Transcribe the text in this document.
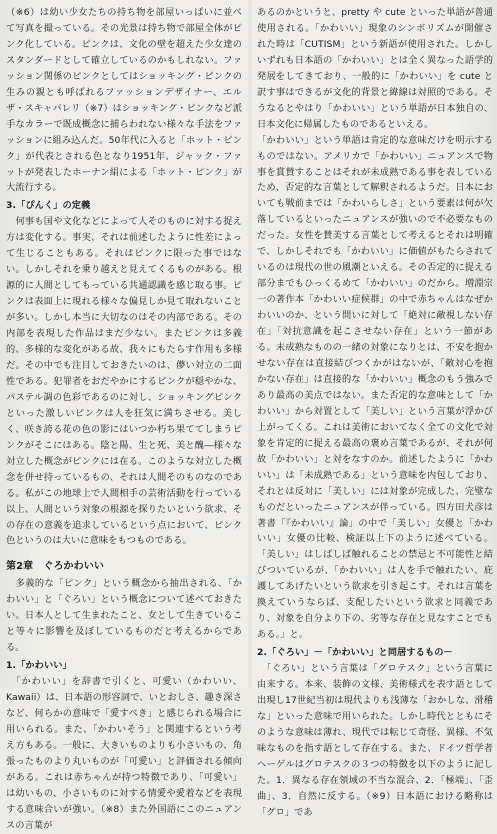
（※6）は幼い少女たちの持ち物を部屋いっぱいに並べて写真を撮っている。その光景は持ち物で部屋全体がピンク化している。ピンクは、文化の壁を超えた少女達のスタンダードとして確立しているのかもしれない。ファッション関係のピンクとしてはショッキング・ピンクの生みの親とも呼ばれるファッションデザイナー、エルザ・スキャパレリ（※7）はショッキング・ピンクなど派手なカラーで既成概念に捕らわれない様々な手法をファッションに組み込んだ。50年代に入ると「ホット・ピンク」が代表とされる色となり1951年、ジャック・ファットが発表したホーナン絹による「ホット・ピンク」が大流行する。

3.「ぴんく」の定義

　何事も国や文化などによって人そのものに対する捉え方は変化する。事実、それは前述したように性差によって生じることもある。それはピンクに限った事ではない。しかしそれを乗り越えと見えてくるものがある。根源的に人間としてもっている共通認識を感じ取る事。ピンクは表面上に現れる様々な偏見しか見て取れないことが多い。しかし本当に大切なのはその内部である。その内部を表現した作品はまだ少ない。またピンクは多義的、多様的な変化がある故、我々にもたらす作用も多様だ。その中でも注目しておきたいのは、儚い対立の二面性である。犯罪者をおだやかにするピンクが穏やかな、パステル調の色彩であるのに対し、ショッキングピンクといった激しいピンクは人を狂気に満ちさせる。美しく、咲き誇る花の色の影にはいつか朽ち果ててしまうピンクがそこにはある。陰と陽、生と死、美と醜―様々な対立した概念がピンクには在る。このような対立した概念を併せ持っているもの、それは人間そのものなのである。私がこの地球上で人間相手の芸術活動を行っている以上、人間という対象の根源を探りたいという欲求、その存在の意義を追求しているという点において、ピンク色というのは大いに意味をもつものである。

第2章　ぐろかわいい

　多義的な「ピンク」という概念から抽出される、「かわいい」と「ぐろい」という概念について述べておきたい。日本人として生まれたこと、女として生きていること等々に影響を及ぼしているものだと考えるからである。

1.「かわいい」

　「かわいい」を辞書で引くと、可愛い（かわいい、Kawaii）は、日本語の形容詞で、いとおしさ、趣き深さなど、何らかの意味で「愛すべき」と感じられる場合に用いられる。また、「かわいそう」と関連するという考え方もある。一般に、大きいものよりも小さいもの、角張ったものより丸いものが「可愛い」と評価される傾向がある。これは赤ちゃんが持つ特徴であり、「可愛い」は幼いもの、小さいものに対する情愛や愛着などを表現する意味合いが強い。（※8）また外国語にこのニュアンスの言葉が

あるのかというと、pretty や cute といった単語が普通使用される。「かわいい」現象のシンボリズムが開催された時は「CUTISM」という新語が使用された。しかしいずれも日本語の「かわいい」とは全く異なった語学的発展をしてきており、一般的に「かわいい」を cute と訳す事はできるが文化的背景と緯線は対照的である。そうなるとやはり「かわいい」という単語が日本独自の、日本文化に帰属したものであるといえる。

「かわいい」という単語は肯定的な意味だけを明示するものではない。アメリカで「かわいい」ニュアンスで物事を賞賛することはそれが未成熟である事を表しているため、否定的な言葉として解釈されるようだ。日本においても戦前までは「かわいらしさ」という要素は何が欠落しているといったニュアンスが強いので不必要なものだった。女性を賛美する言葉として考えるとそれは明確で、しかしそれでも「かわいい」に価値がもたらされているのは現代の世の風潮といえる。その否定的に捉える部分までもひっくるめて「かわいい」のだから。増淵宗一の著作本「かわいい症候群」の中で赤ちゃんはなぜかわいいのか、という問いに対して「絶対に敵視しない存在」「対抗意識を起こさせない存在」という一節がある。未成熟なものの一緒の対象になりとは、不安を抱かせない存在は直接結びつくかがはないが、「敵対心を抱かない存在」は直接的な「かわいい」概念のもう強みであり最高の美点ではない。また否定的な意味として「かわいい」から対置として「美しい」という言葉が浮かび上がってくる。これは美術においてなく全ての文化で対象を肯定的に捉える最高の褒め言葉であるが、それが何故「かわいい」と対をなすのか。前述したように「かわいい」は「未成熟である」という意味を内包しており、それとは反対に「美しい」には対象が完成した、完璧なものだといったニュアンスが伴っている。四方田犬彦は著書「『かわいい』論」の中で「美しい」女優と「かわいい」女優の比較、検証以上下のように述べている。「美しい」はしばしば触れることの禁忌と不可能性と結びついているが、「かわいい」は人を手で触れたい、庇護してあげたいという欲求を引き起こす。それは言葉を換えていうならば、支配したいという欲求と同義であり、対象を自分より下の、劣等な存在と見なすことでもある。」と。

2.「ぐろい」－「かわいい」と同居するもの－

　「ぐろい」という言葉は「グロテスク」という言葉に由来する。本来、装飾の文様、美術様式を表す語として出現し17世紀当初は現代よりも浅薄な「おかしな、滑稽な」といった意味で用いられた。しかし時代とともにそのような意味は薄れ、現代では転じて奇怪、異様、不気味なものを指す語として存在する。また、ドイツ哲学者ヘーゲルはグロテスクの３つの特徴を以下のように記した。1．異なる存在領域の不当な混合、2．「極端」、「歪曲」、3．自然に反する。（※9）日本語における略称は「グロ」であ
